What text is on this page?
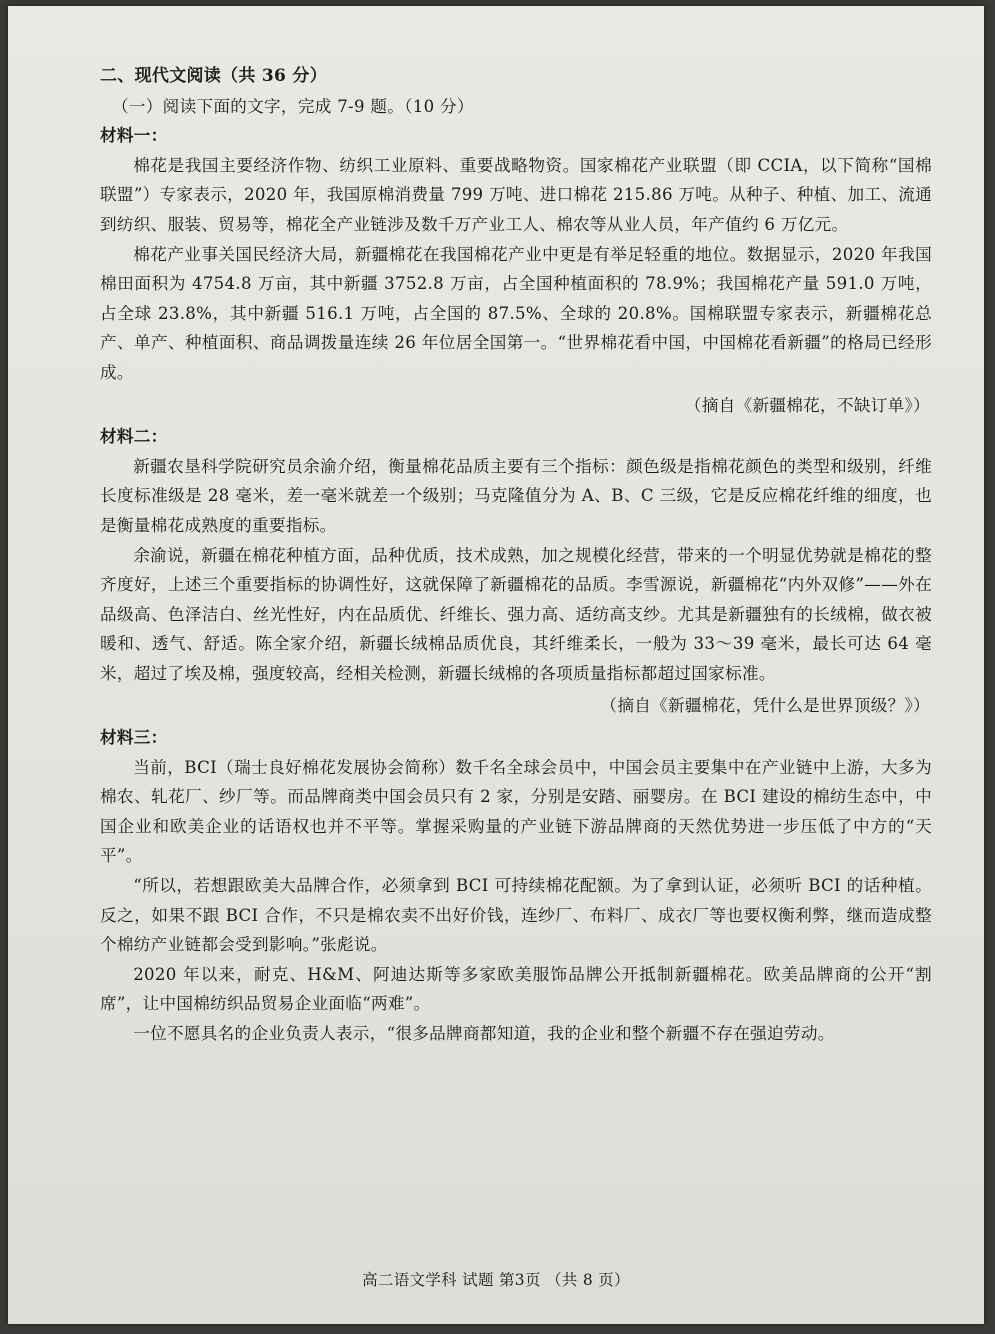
二、现代文阅读（共 36 分）

（一）阅读下面的文字，完成 7-9 题。（10 分）

材料一：

棉花是我国主要经济作物、纺织工业原料、重要战略物资。国家棉花产业联盟（即 CCIA，以下简称“国棉联盟”）专家表示，2020 年，我国原棉消费量 799 万吨、进口棉花 215.86 万吨。从种子、种植、加工、流通到纺织、服装、贸易等，棉花全产业链涉及数千万产业工人、棉农等从业人员，年产值约 6 万亿元。

棉花产业事关国民经济大局，新疆棉花在我国棉花产业中更是有举足轻重的地位。数据显示，2020 年我国棉田面积为 4754.8 万亩，其中新疆 3752.8 万亩，占全国种植面积的 78.9%；我国棉花产量 591.0 万吨，占全球 23.8%，其中新疆 516.1 万吨，占全国的 87.5%、全球的 20.8%。国棉联盟专家表示，新疆棉花总产、单产、种植面积、商品调拨量连续 26 年位居全国第一。“世界棉花看中国，中国棉花看新疆”的格局已经形成。

（摘自《新疆棉花，不缺订单》）

材料二：

新疆农垦科学院研究员余渝介绍，衡量棉花品质主要有三个指标：颜色级是指棉花颜色的类型和级别，纤维长度标准级是 28 毫米，差一毫米就差一个级别；马克隆值分为 A、B、C 三级，它是反应棉花纤维的细度，也是衡量棉花成熟度的重要指标。

余渝说，新疆在棉花种植方面，品种优质，技术成熟，加之规模化经营，带来的一个明显优势就是棉花的整齐度好，上述三个重要指标的协调性好，这就保障了新疆棉花的品质。李雪源说，新疆棉花“内外双修”——外在品级高、色泽洁白、丝光性好，内在品质优、纤维长、强力高、适纺高支纱。尤其是新疆独有的长绒棉，做衣被暖和、透气、舒适。陈全家介绍，新疆长绒棉品质优良，其纤维柔长，一般为 33～39 毫米，最长可达 64 毫米，超过了埃及棉，强度较高，经相关检测，新疆长绒棉的各项质量指标都超过国家标准。

（摘自《新疆棉花，凭什么是世界顶级？》）

材料三：

当前，BCI（瑞士良好棉花发展协会简称）数千名全球会员中，中国会员主要集中在产业链中上游，大多为棉农、轧花厂、纱厂等。而品牌商类中国会员只有 2 家，分别是安踏、丽婴房。在 BCI 建设的棉纺生态中，中国企业和欧美企业的话语权也并不平等。掌握采购量的产业链下游品牌商的天然优势进一步压低了中方的“天平”。

“所以，若想跟欧美大品牌合作，必须拿到 BCI 可持续棉花配额。为了拿到认证，必须听 BCI 的话种植。反之，如果不跟 BCI 合作，不只是棉农卖不出好价钱，连纱厂、布料厂、成衣厂等也要权衡利弊，继而造成整个棉纺产业链都会受到影响。”张彪说。

2020 年以来，耐克、H&M、阿迪达斯等多家欧美服饰品牌公开抵制新疆棉花。欧美品牌商的公开“割席”，让中国棉纺织品贸易企业面临“两难”。

一位不愿具名的企业负责人表示，“很多品牌商都知道，我的企业和整个新疆不存在强迫劳动。

高二语文学科 试题 第3页 （共 8 页）
